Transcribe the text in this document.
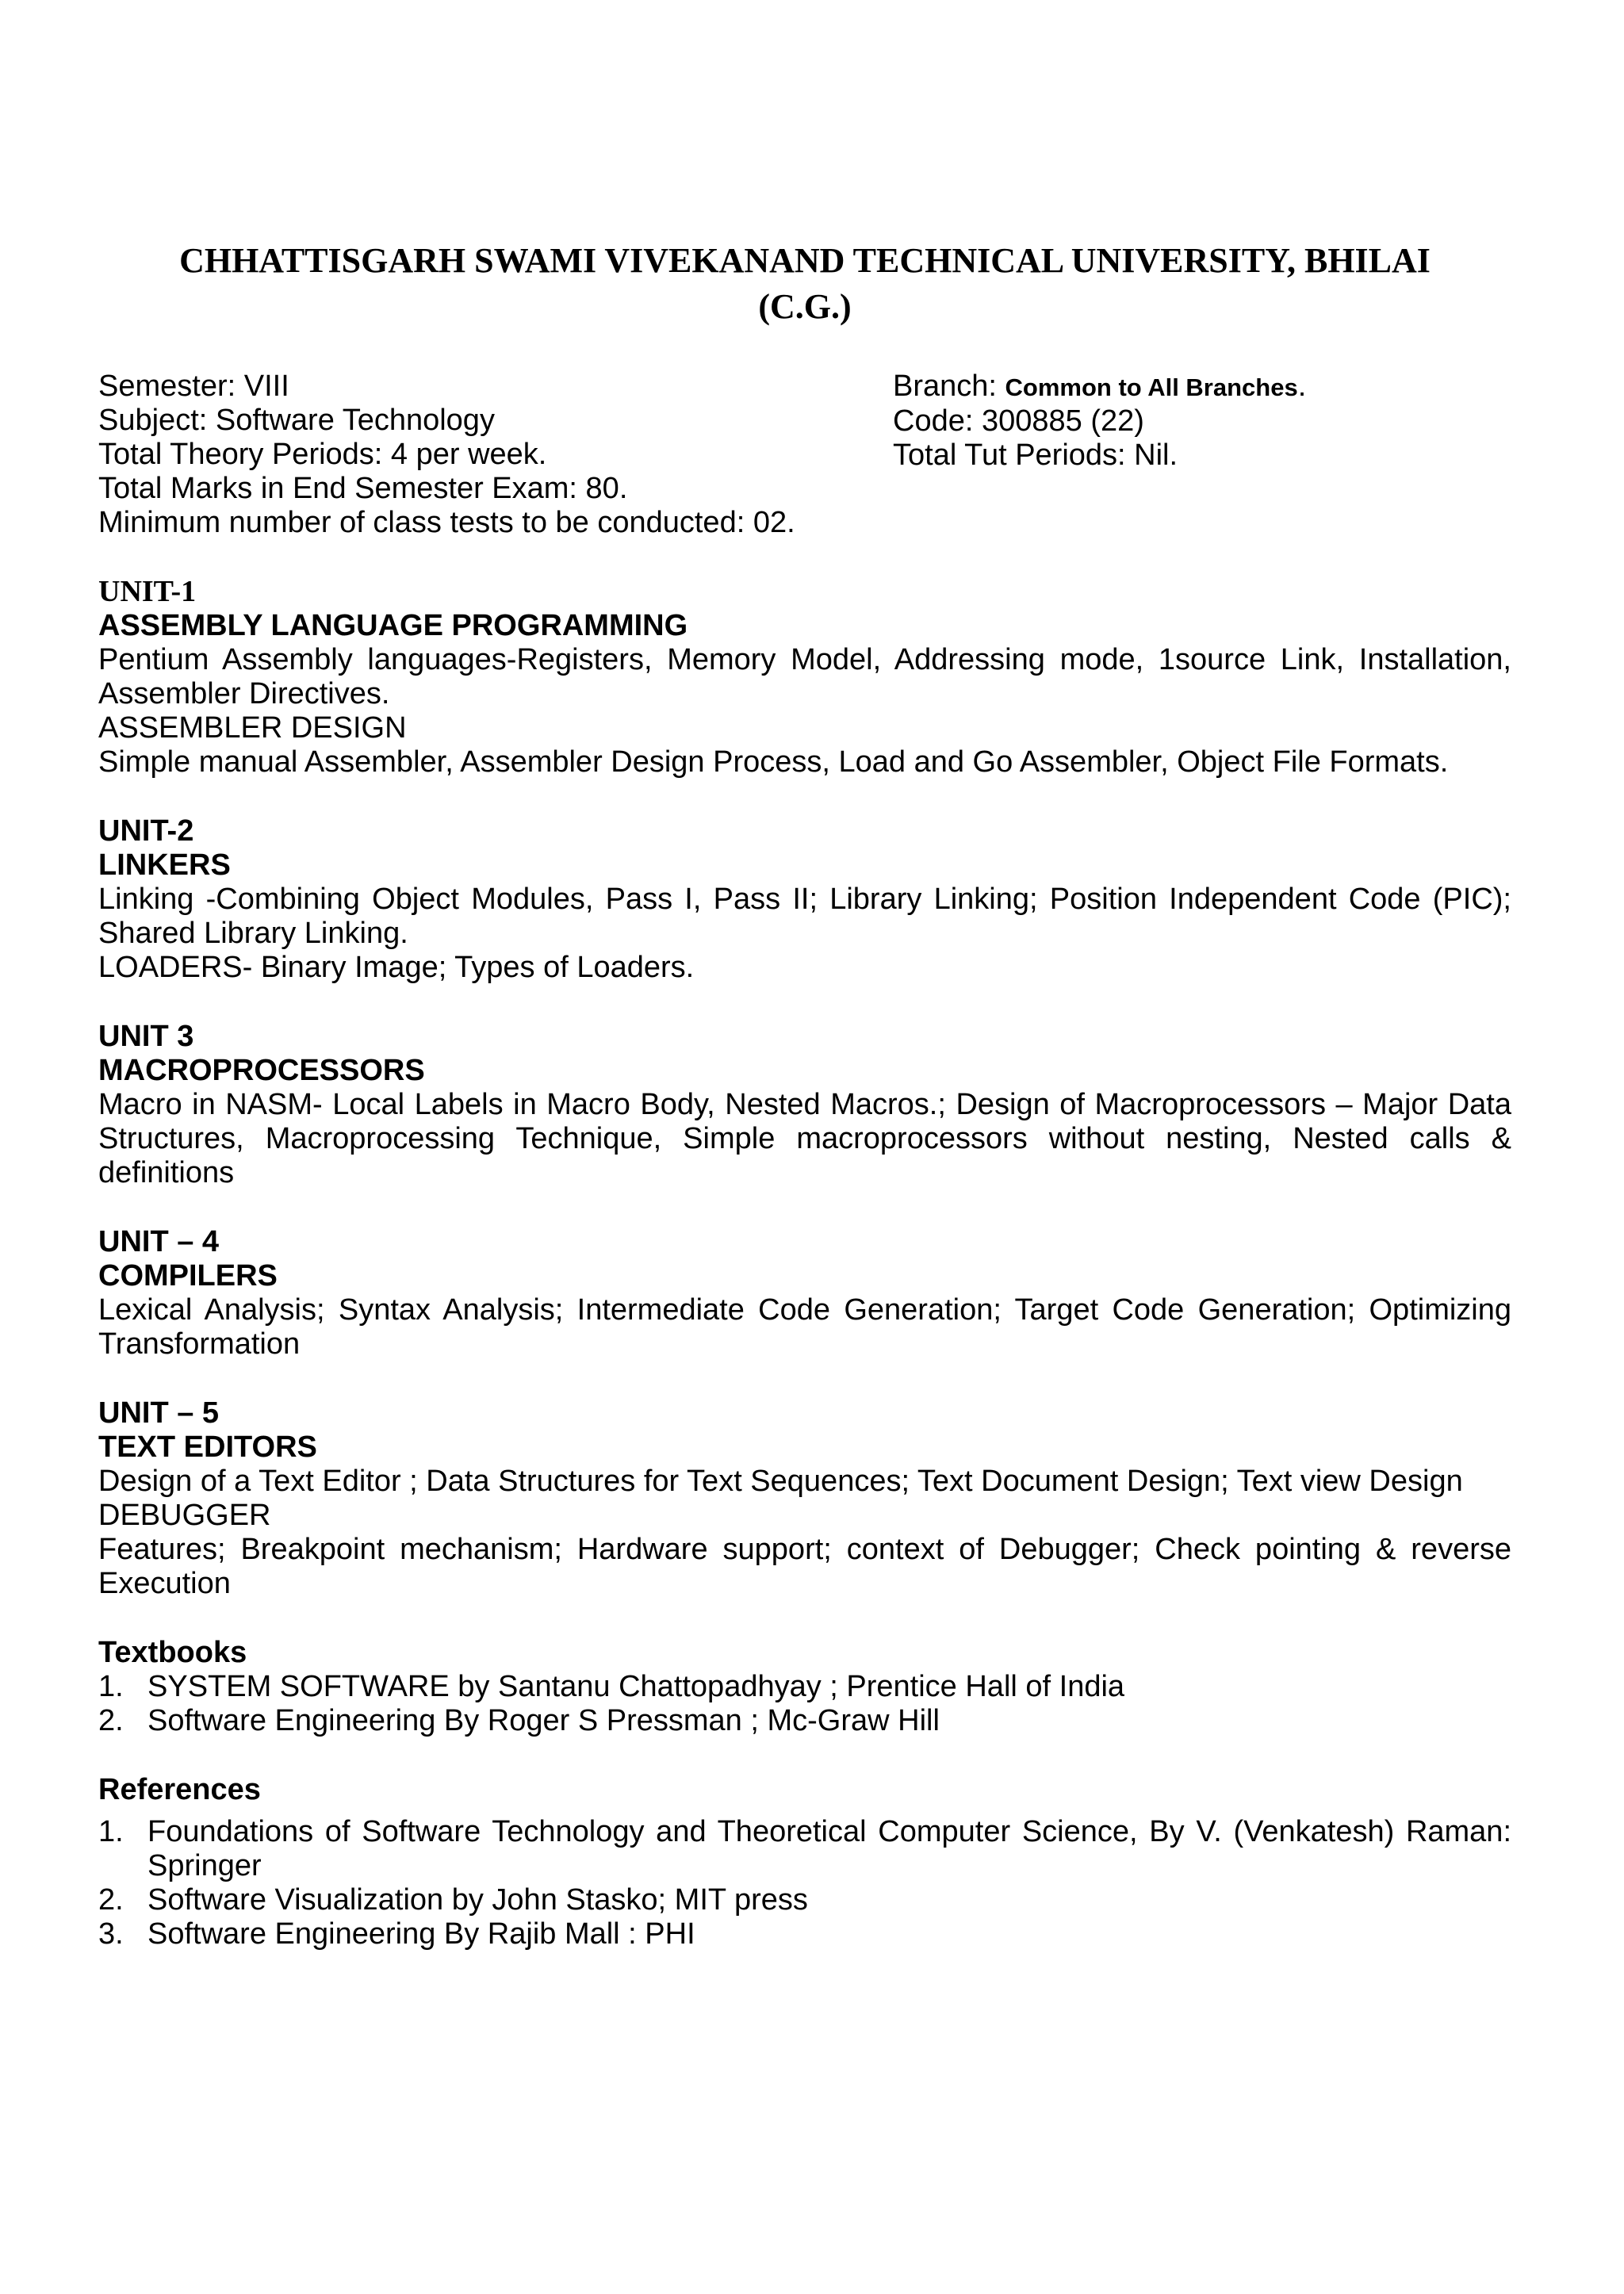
CHHATTISGARH SWAMI VIVEKANAND TECHNICAL UNIVERSITY, BHILAI
(C.G.)
Semester: VIII
Subject: Software Technology
Total Theory Periods: 4 per week.
Total Marks in End Semester Exam: 80.
Minimum number of class tests to be conducted: 02.
Branch: Common to All Branches.
Code: 300885 (22)
Total Tut Periods: Nil.
UNIT-1
ASSEMBLY LANGUAGE PROGRAMMING
Pentium Assembly languages-Registers, Memory Model, Addressing mode, 1source Link, Installation, Assembler Directives.
ASSEMBLER DESIGN
Simple manual Assembler, Assembler Design Process, Load and Go Assembler, Object File Formats.
UNIT-2
LINKERS
Linking -Combining Object Modules, Pass I, Pass II; Library Linking; Position Independent Code (PIC); Shared Library Linking.
LOADERS- Binary Image; Types of Loaders.
UNIT 3
MACROPROCESSORS
Macro in NASM- Local Labels in Macro Body, Nested Macros.; Design of Macroprocessors – Major Data Structures, Macroprocessing Technique, Simple macroprocessors without nesting, Nested calls & definitions
UNIT – 4
COMPILERS
Lexical Analysis; Syntax Analysis; Intermediate Code Generation; Target Code Generation; Optimizing Transformation
UNIT – 5
TEXT EDITORS
Design of a Text Editor ; Data Structures for Text Sequences; Text Document Design; Text view Design
DEBUGGER
Features; Breakpoint mechanism; Hardware support; context of Debugger; Check pointing & reverse Execution
Textbooks
1. SYSTEM SOFTWARE by Santanu Chattopadhyay ; Prentice Hall of India
2. Software Engineering By Roger S Pressman ; Mc-Graw Hill
References
1. Foundations of Software Technology and Theoretical Computer Science, By V. (Venkatesh) Raman: Springer
2. Software Visualization by John Stasko; MIT press
3. Software Engineering By Rajib Mall : PHI
